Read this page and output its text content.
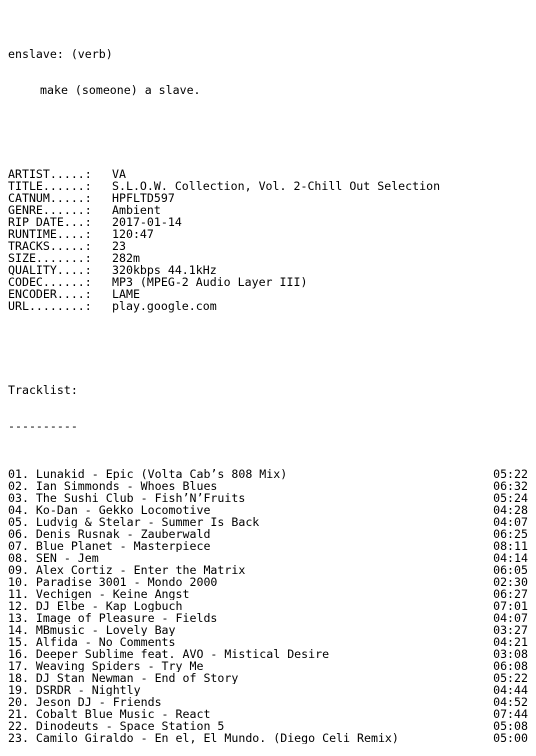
enslave: (verb)

make (someone) a slave.

ARTIST.....:	VA
TITLE......:	S.L.O.W. Collection, Vol. 2-Chill Out Selection
CATNUM.....:	HPFLTD597
GENRE......:	Ambient
RIP DATE...:	2017-01-14
RUNTIME....:	120:47
TRACKS.....:	23
SIZE.......:	282m
QUALITY....:	320kbps 44.1kHz
CODEC......:	MP3 (MPEG-2 Audio Layer III)
ENCODER....:	LAME
URL........:	play.google.com

Tracklist:

----------

01. Lunakid - Epic (Volta Cab’s 808 Mix)	05:22
02. Ian Simmonds - Whoes Blues	06:32
03. The Sushi Club - Fish’N’Fruits	05:24
04. Ko-Dan - Gekko Locomotive	04:28
05. Ludvig & Stelar - Summer Is Back	04:07
06. Denis Rusnak - Zauberwald	06:25
07. Blue Planet - Masterpiece	08:11
08. SEN - Jem	04:14
09. Alex Cortiz - Enter the Matrix	06:05
10. Paradise 3001 - Mondo 2000	02:30
11. Vechigen - Keine Angst	06:27
12. DJ Elbe - Kap Logbuch	07:01
13. Image of Pleasure - Fields	04:07
14. MBmusic - Lovely Bay	03:27
15. Alfida - No Comments	04:21
16. Deeper Sublime feat. AVO - Mistical Desire	03:08
17. Weaving Spiders - Try Me	06:08
18. DJ Stan Newman - End of Story	05:22
19. DSRDR - Nightly	04:44
20. Jeson DJ - Friends	04:52
21. Cobalt Blue Music - React	07:44
22. Dinodeuts - Space Station 5	05:08
23. Camilo Giraldo - En el, El Mundo. (Diego Celi Remix)	05:00
